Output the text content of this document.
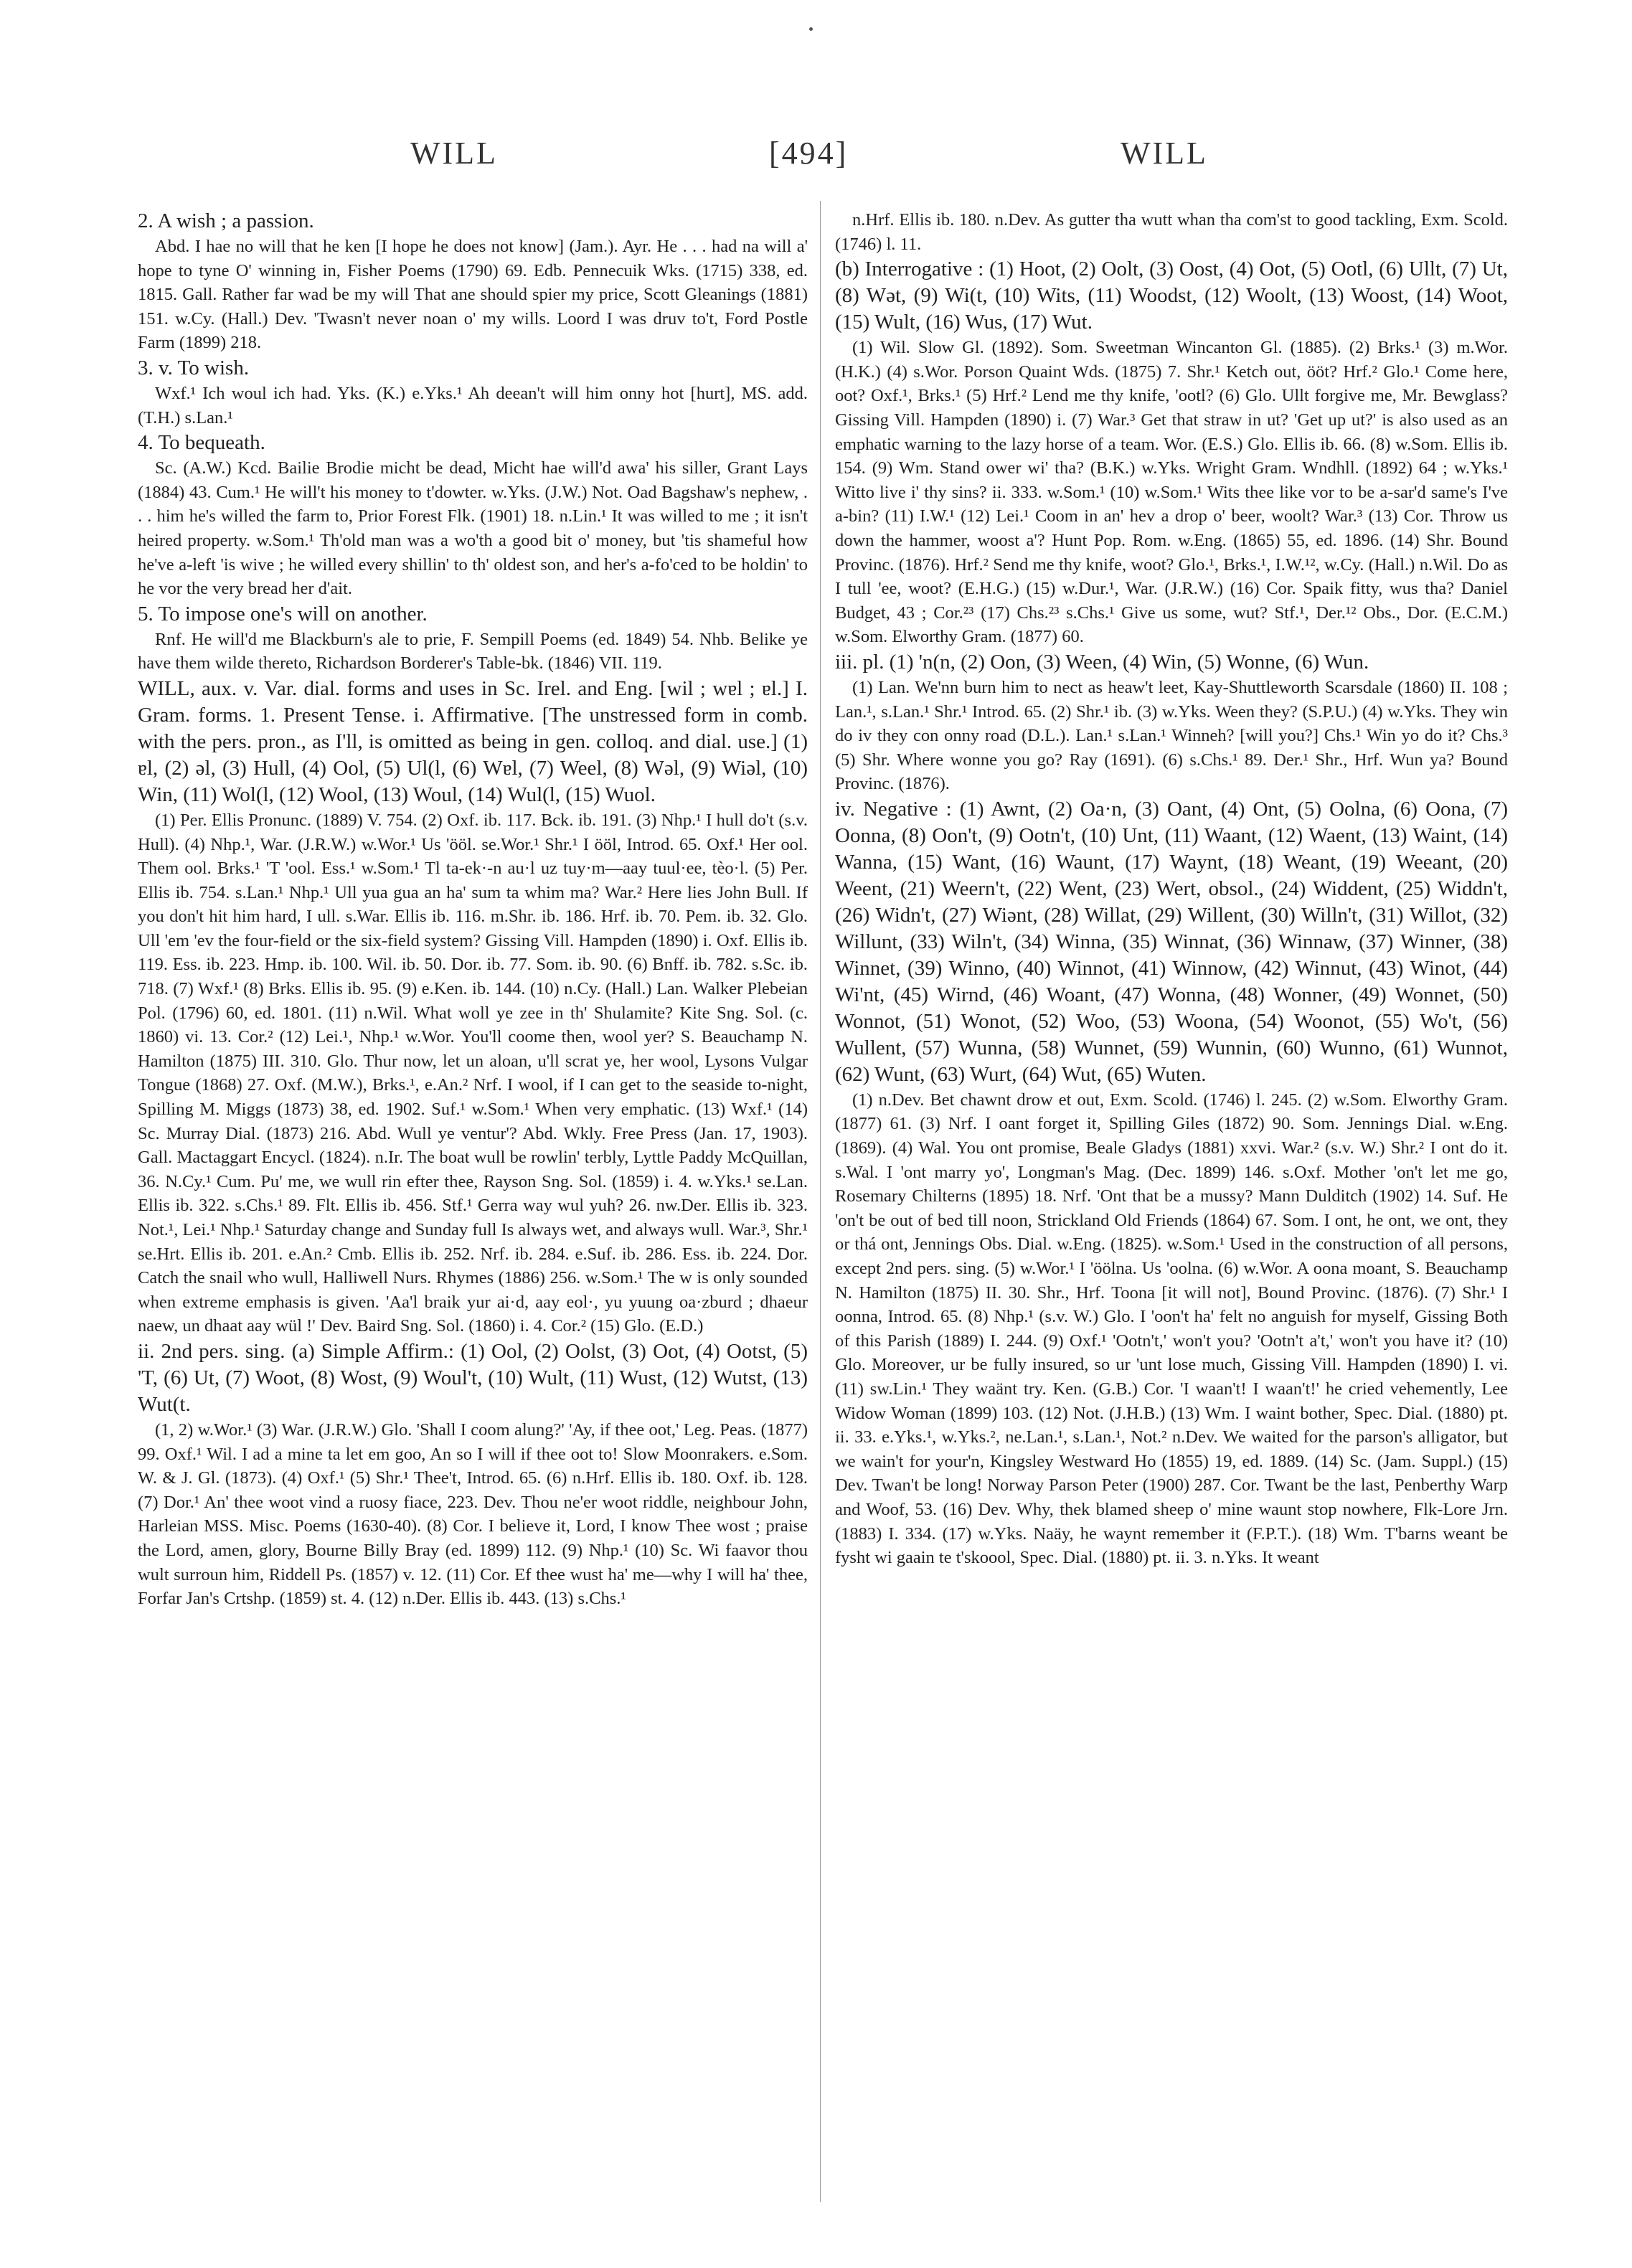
WILL	[494]	WILL

2. A wish ; a passion.

Abd. I hae no will that he ken [I hope he does not know] (Jam.). Ayr. He . . . had na will a' hope to tyne O' winning in, Fisher Poems (1790) 69. Edb. Pennecuik Wks. (1715) 338, ed. 1815. Gall. Rather far wad be my will That ane should spier my price, Scott Gleanings (1881) 151. w.Cy. (Hall.) Dev. 'Twasn't never noan o' my wills. Loord I was druv to't, Ford Postle Farm (1899) 218.

3. v. To wish.

Wxf.¹ Ich woul ich had. Yks. (K.) e.Yks.¹ Ah deean't will him onny hot [hurt], MS. add. (T.H.) s.Lan.¹

4. To bequeath.

Sc. (A.W.) Kcd. Bailie Brodie micht be dead, Micht hae will'd awa' his siller, Grant Lays (1884) 43. Cum.¹ He will't his money to t'dowter. w.Yks. (J.W.) Not. Oad Bagshaw's nephew, . . . him he's willed the farm to, Prior Forest Flk. (1901) 18. n.Lin.¹ It was willed to me ; it isn't heired property. w.Som.¹ Th'old man was a wo'th a good bit o' money, but 'tis shameful how he've a-left 'is wive ; he willed every shillin' to th' oldest son, and her's a-fo'ced to be holdin' to he vor the very bread her d'ait.

5. To impose one's will on another.

Rnf. He will'd me Blackburn's ale to prie, F. Sempill Poems (ed. 1849) 54. Nhb. Belike ye have them wilde thereto, Richardson Borderer's Table-bk. (1846) VII. 119.

WILL, aux. v. Var. dial. forms and uses in Sc. Irel. and Eng. [wil ; wɐl ; ɐl.] I. Gram. forms. 1. Present Tense. i. Affirmative. [The unstressed form in comb. with the pers. pron., as I'll, is omitted as being in gen. colloq. and dial. use.] (1) ɐl, (2) əl, (3) Hull, (4) Ool, (5) Ul(l, (6) Wɐl, (7) Weel, (8) Wəl, (9) Wiəl, (10) Win, (11) Wol(l, (12) Wool, (13) Woul, (14) Wul(l, (15) Wuol.

(1) Per. Ellis Pronunc. (1889) V. 754. (2) Oxf. ib. 117. Bck. ib. 191. (3) Nhp.¹ I hull do't (s.v. Hull). (4) Nhp.¹, War. (J.R.W.) w.Wor.¹ Us 'ööl. se.Wor.¹ Shr.¹ I ööl, Introd. 65. Oxf.¹ Her ool. Them ool. Brks.¹ 'T 'ool. Ess.¹ w.Som.¹ Tl ta-ek·-n au·l uz tuy·m—aay tuul·ee, tèo·l. (5) Per. Ellis ib. 754. s.Lan.¹ Nhp.¹ Ull yua gua an ha' sum ta whim ma? War.² Here lies John Bull. If you don't hit him hard, I ull. s.War. Ellis ib. 116. m.Shr. ib. 186. Hrf. ib. 70. Pem. ib. 32. Glo. Ull 'em 'ev the four-field or the six-field system? Gissing Vill. Hampden (1890) i. Oxf. Ellis ib. 119. Ess. ib. 223. Hmp. ib. 100. Wil. ib. 50. Dor. ib. 77. Som. ib. 90. (6) Bnff. ib. 782. s.Sc. ib. 718. (7) Wxf.¹ (8) Brks. Ellis ib. 95. (9) e.Ken. ib. 144. (10) n.Cy. (Hall.) Lan. Walker Plebeian Pol. (1796) 60, ed. 1801. (11) n.Wil. What woll ye zee in th' Shulamite? Kite Sng. Sol. (c. 1860) vi. 13. Cor.² (12) Lei.¹, Nhp.¹ w.Wor. You'll coome then, wool yer? S. Beauchamp N. Hamilton (1875) III. 310. Glo. Thur now, let un aloan, u'll scrat ye, her wool, Lysons Vulgar Tongue (1868) 27. Oxf. (M.W.), Brks.¹, e.An.² Nrf. I wool, if I can get to the seaside to-night, Spilling M. Miggs (1873) 38, ed. 1902. Suf.¹ w.Som.¹ When very emphatic. (13) Wxf.¹ (14) Sc. Murray Dial. (1873) 216. Abd. Wull ye ventur'? Abd. Wkly. Free Press (Jan. 17, 1903). Gall. Mactaggart Encycl. (1824). n.Ir. The boat wull be rowlin' terbly, Lyttle Paddy McQuillan, 36. N.Cy.¹ Cum. Pu' me, we wull rin efter thee, Rayson Sng. Sol. (1859) i. 4. w.Yks.¹ se.Lan. Ellis ib. 322. s.Chs.¹ 89. Flt. Ellis ib. 456. Stf.¹ Gerra way wul yuh? 26. nw.Der. Ellis ib. 323. Not.¹, Lei.¹ Nhp.¹ Saturday change and Sunday full Is always wet, and always wull. War.³, Shr.¹ se.Hrt. Ellis ib. 201. e.An.² Cmb. Ellis ib. 252. Nrf. ib. 284. e.Suf. ib. 286. Ess. ib. 224. Dor. Catch the snail who wull, Halliwell Nurs. Rhymes (1886) 256. w.Som.¹ The w is only sounded when extreme emphasis is given. 'Aa'l braik yur ai·d, aay eol·, yu yuung oa·zburd ; dhaeur naew, un dhaat aay wül !' Dev. Baird Sng. Sol. (1860) i. 4. Cor.² (15) Glo. (E.D.)

ii. 2nd pers. sing. (a) Simple Affirm.: (1) Ool, (2) Oolst, (3) Oot, (4) Ootst, (5) 'T, (6) Ut, (7) Woot, (8) Wost, (9) Woul't, (10) Wult, (11) Wust, (12) Wutst, (13) Wut(t.

(1, 2) w.Wor.¹ (3) War. (J.R.W.) Glo. 'Shall I coom alung?' 'Ay, if thee oot,' Leg. Peas. (1877) 99. Oxf.¹ Wil. I ad a mine ta let em goo, An so I will if thee oot to! Slow Moonrakers. e.Som. W. & J. Gl. (1873). (4) Oxf.¹ (5) Shr.¹ Thee't, Introd. 65. (6) n.Hrf. Ellis ib. 180. Oxf. ib. 128. (7) Dor.¹ An' thee woot vind a ruosy fiace, 223. Dev. Thou ne'er woot riddle, neighbour John, Harleian MSS. Misc. Poems (1630-40). (8) Cor. I believe it, Lord, I know Thee wost ; praise the Lord, amen, glory, Bourne Billy Bray (ed. 1899) 112. (9) Nhp.¹ (10) Sc. Wi faavor thou wult surroun him, Riddell Ps. (1857) v. 12. (11) Cor. Ef thee wust ha' me—why I will ha' thee, Forfar Jan's Crtshp. (1859) st. 4. (12) n.Der. Ellis ib. 443. (13) s.Chs.¹

n.Hrf. Ellis ib. 180. n.Dev. As gutter tha wutt whan tha com'st to good tackling, Exm. Scold. (1746) l. 11.

(b) Interrogative : (1) Hoot, (2) Oolt, (3) Oost, (4) Oot, (5) Ootl, (6) Ullt, (7) Ut, (8) Wət, (9) Wi(t, (10) Wits, (11) Woodst, (12) Woolt, (13) Woost, (14) Woot, (15) Wult, (16) Wus, (17) Wut.

(1) Wil. Slow Gl. (1892). Som. Sweetman Wincanton Gl. (1885). (2) Brks.¹ (3) m.Wor. (H.K.) (4) s.Wor. Porson Quaint Wds. (1875) 7. Shr.¹ Ketch out, ööt? Hrf.² Glo.¹ Come here, oot? Oxf.¹, Brks.¹ (5) Hrf.² Lend me thy knife, 'ootl? (6) Glo. Ullt forgive me, Mr. Bewglass? Gissing Vill. Hampden (1890) i. (7) War.³ Get that straw in ut? 'Get up ut?' is also used as an emphatic warning to the lazy horse of a team. Wor. (E.S.) Glo. Ellis ib. 66. (8) w.Som. Ellis ib. 154. (9) Wm. Stand ower wi' tha? (B.K.) w.Yks. Wright Gram. Wndhll. (1892) 64 ; w.Yks.¹ Witto live i' thy sins? ii. 333. w.Som.¹ (10) w.Som.¹ Wits thee like vor to be a-sar'd same's I've a-bin? (11) I.W.¹ (12) Lei.¹ Coom in an' hev a drop o' beer, woolt? War.³ (13) Cor. Throw us down the hammer, woost a'? Hunt Pop. Rom. w.Eng. (1865) 55, ed. 1896. (14) Shr. Bound Provinc. (1876). Hrf.² Send me thy knife, woot? Glo.¹, Brks.¹, I.W.¹², w.Cy. (Hall.) n.Wil. Do as I tull 'ee, woot? (E.H.G.) (15) w.Dur.¹, War. (J.R.W.) (16) Cor. Spaik fitty, wus tha? Daniel Budget, 43 ; Cor.²³ (17) Chs.²³ s.Chs.¹ Give us some, wut? Stf.¹, Der.¹² Obs., Dor. (E.C.M.) w.Som. Elworthy Gram. (1877) 60.

iii. pl. (1) 'n(n, (2) Oon, (3) Ween, (4) Win, (5) Wonne, (6) Wun.

(1) Lan. We'nn burn him to nect as heaw't leet, Kay-Shuttleworth Scarsdale (1860) II. 108 ; Lan.¹, s.Lan.¹ Shr.¹ Introd. 65. (2) Shr.¹ ib. (3) w.Yks. Ween they? (S.P.U.) (4) w.Yks. They win do iv they con onny road (D.L.). Lan.¹ s.Lan.¹ Winneh? [will you?] Chs.¹ Win yo do it? Chs.³ (5) Shr. Where wonne you go? Ray (1691). (6) s.Chs.¹ 89. Der.¹ Shr., Hrf. Wun ya? Bound Provinc. (1876).

iv. Negative : (1) Awnt, (2) Oa·n, (3) Oant, (4) Ont, (5) Oolna, (6) Oona, (7) Oonna, (8) Oon't, (9) Ootn't, (10) Unt, (11) Waant, (12) Waent, (13) Waint, (14) Wanna, (15) Want, (16) Waunt, (17) Waynt, (18) Weant, (19) Weeant, (20) Weent, (21) Weern't, (22) Went, (23) Wert, obsol., (24) Widdent, (25) Widdn't, (26) Widn't, (27) Wiənt, (28) Willat, (29) Willent, (30) Willn't, (31) Willot, (32) Willunt, (33) Wiln't, (34) Winna, (35) Winnat, (36) Winnaw, (37) Winner, (38) Winnet, (39) Winno, (40) Winnot, (41) Winnow, (42) Winnut, (43) Winot, (44) Wi'nt, (45) Wirnd, (46) Woant, (47) Wonna, (48) Wonner, (49) Wonnet, (50) Wonnot, (51) Wonot, (52) Woo, (53) Woona, (54) Woonot, (55) Wo't, (56) Wullent, (57) Wunna, (58) Wunnet, (59) Wunnin, (60) Wunno, (61) Wunnot, (62) Wunt, (63) Wurt, (64) Wut, (65) Wuten.

(1) n.Dev. Bet chawnt drow et out, Exm. Scold. (1746) l. 245. (2) w.Som. Elworthy Gram. (1877) 61. (3) Nrf. I oant forget it, Spilling Giles (1872) 90. Som. Jennings Dial. w.Eng. (1869). (4) Wal. You ont promise, Beale Gladys (1881) xxvi. War.² (s.v. W.) Shr.² I ont do it. s.Wal. I 'ont marry yo', Longman's Mag. (Dec. 1899) 146. s.Oxf. Mother 'on't let me go, Rosemary Chilterns (1895) 18. Nrf. 'Ont that be a mussy? Mann Dulditch (1902) 14. Suf. He 'on't be out of bed till noon, Strickland Old Friends (1864) 67. Som. I ont, he ont, we ont, they or thá ont, Jennings Obs. Dial. w.Eng. (1825). w.Som.¹ Used in the construction of all persons, except 2nd pers. sing. (5) w.Wor.¹ I 'öölna. Us 'oolna. (6) w.Wor. A oona moant, S. Beauchamp N. Hamilton (1875) II. 30. Shr., Hrf. Toona [it will not], Bound Provinc. (1876). (7) Shr.¹ I oonna, Introd. 65. (8) Nhp.¹ (s.v. W.) Glo. I 'oon't ha' felt no anguish for myself, Gissing Both of this Parish (1889) I. 244. (9) Oxf.¹ 'Ootn't,' won't you? 'Ootn't a't,' won't you have it? (10) Glo. Moreover, ur be fully insured, so ur 'unt lose much, Gissing Vill. Hampden (1890) I. vi. (11) sw.Lin.¹ They waänt try. Ken. (G.B.) Cor. 'I waan't! I waan't!' he cried vehemently, Lee Widow Woman (1899) 103. (12) Not. (J.H.B.) (13) Wm. I waint bother, Spec. Dial. (1880) pt. ii. 33. e.Yks.¹, w.Yks.², ne.Lan.¹, s.Lan.¹, Not.² n.Dev. We waited for the parson's alligator, but we wain't for your'n, Kingsley Westward Ho (1855) 19, ed. 1889. (14) Sc. (Jam. Suppl.) (15) Dev. Twan't be long! Norway Parson Peter (1900) 287. Cor. Twant be the last, Penberthy Warp and Woof, 53. (16) Dev. Why, thek blamed sheep o' mine waunt stop nowhere, Flk-Lore Jrn. (1883) I. 334. (17) w.Yks. Naäy, he waynt remember it (F.P.T.). (18) Wm. T'barns weant be fysht wi gaain te t'skoool, Spec. Dial. (1880) pt. ii. 3. n.Yks. It weant
